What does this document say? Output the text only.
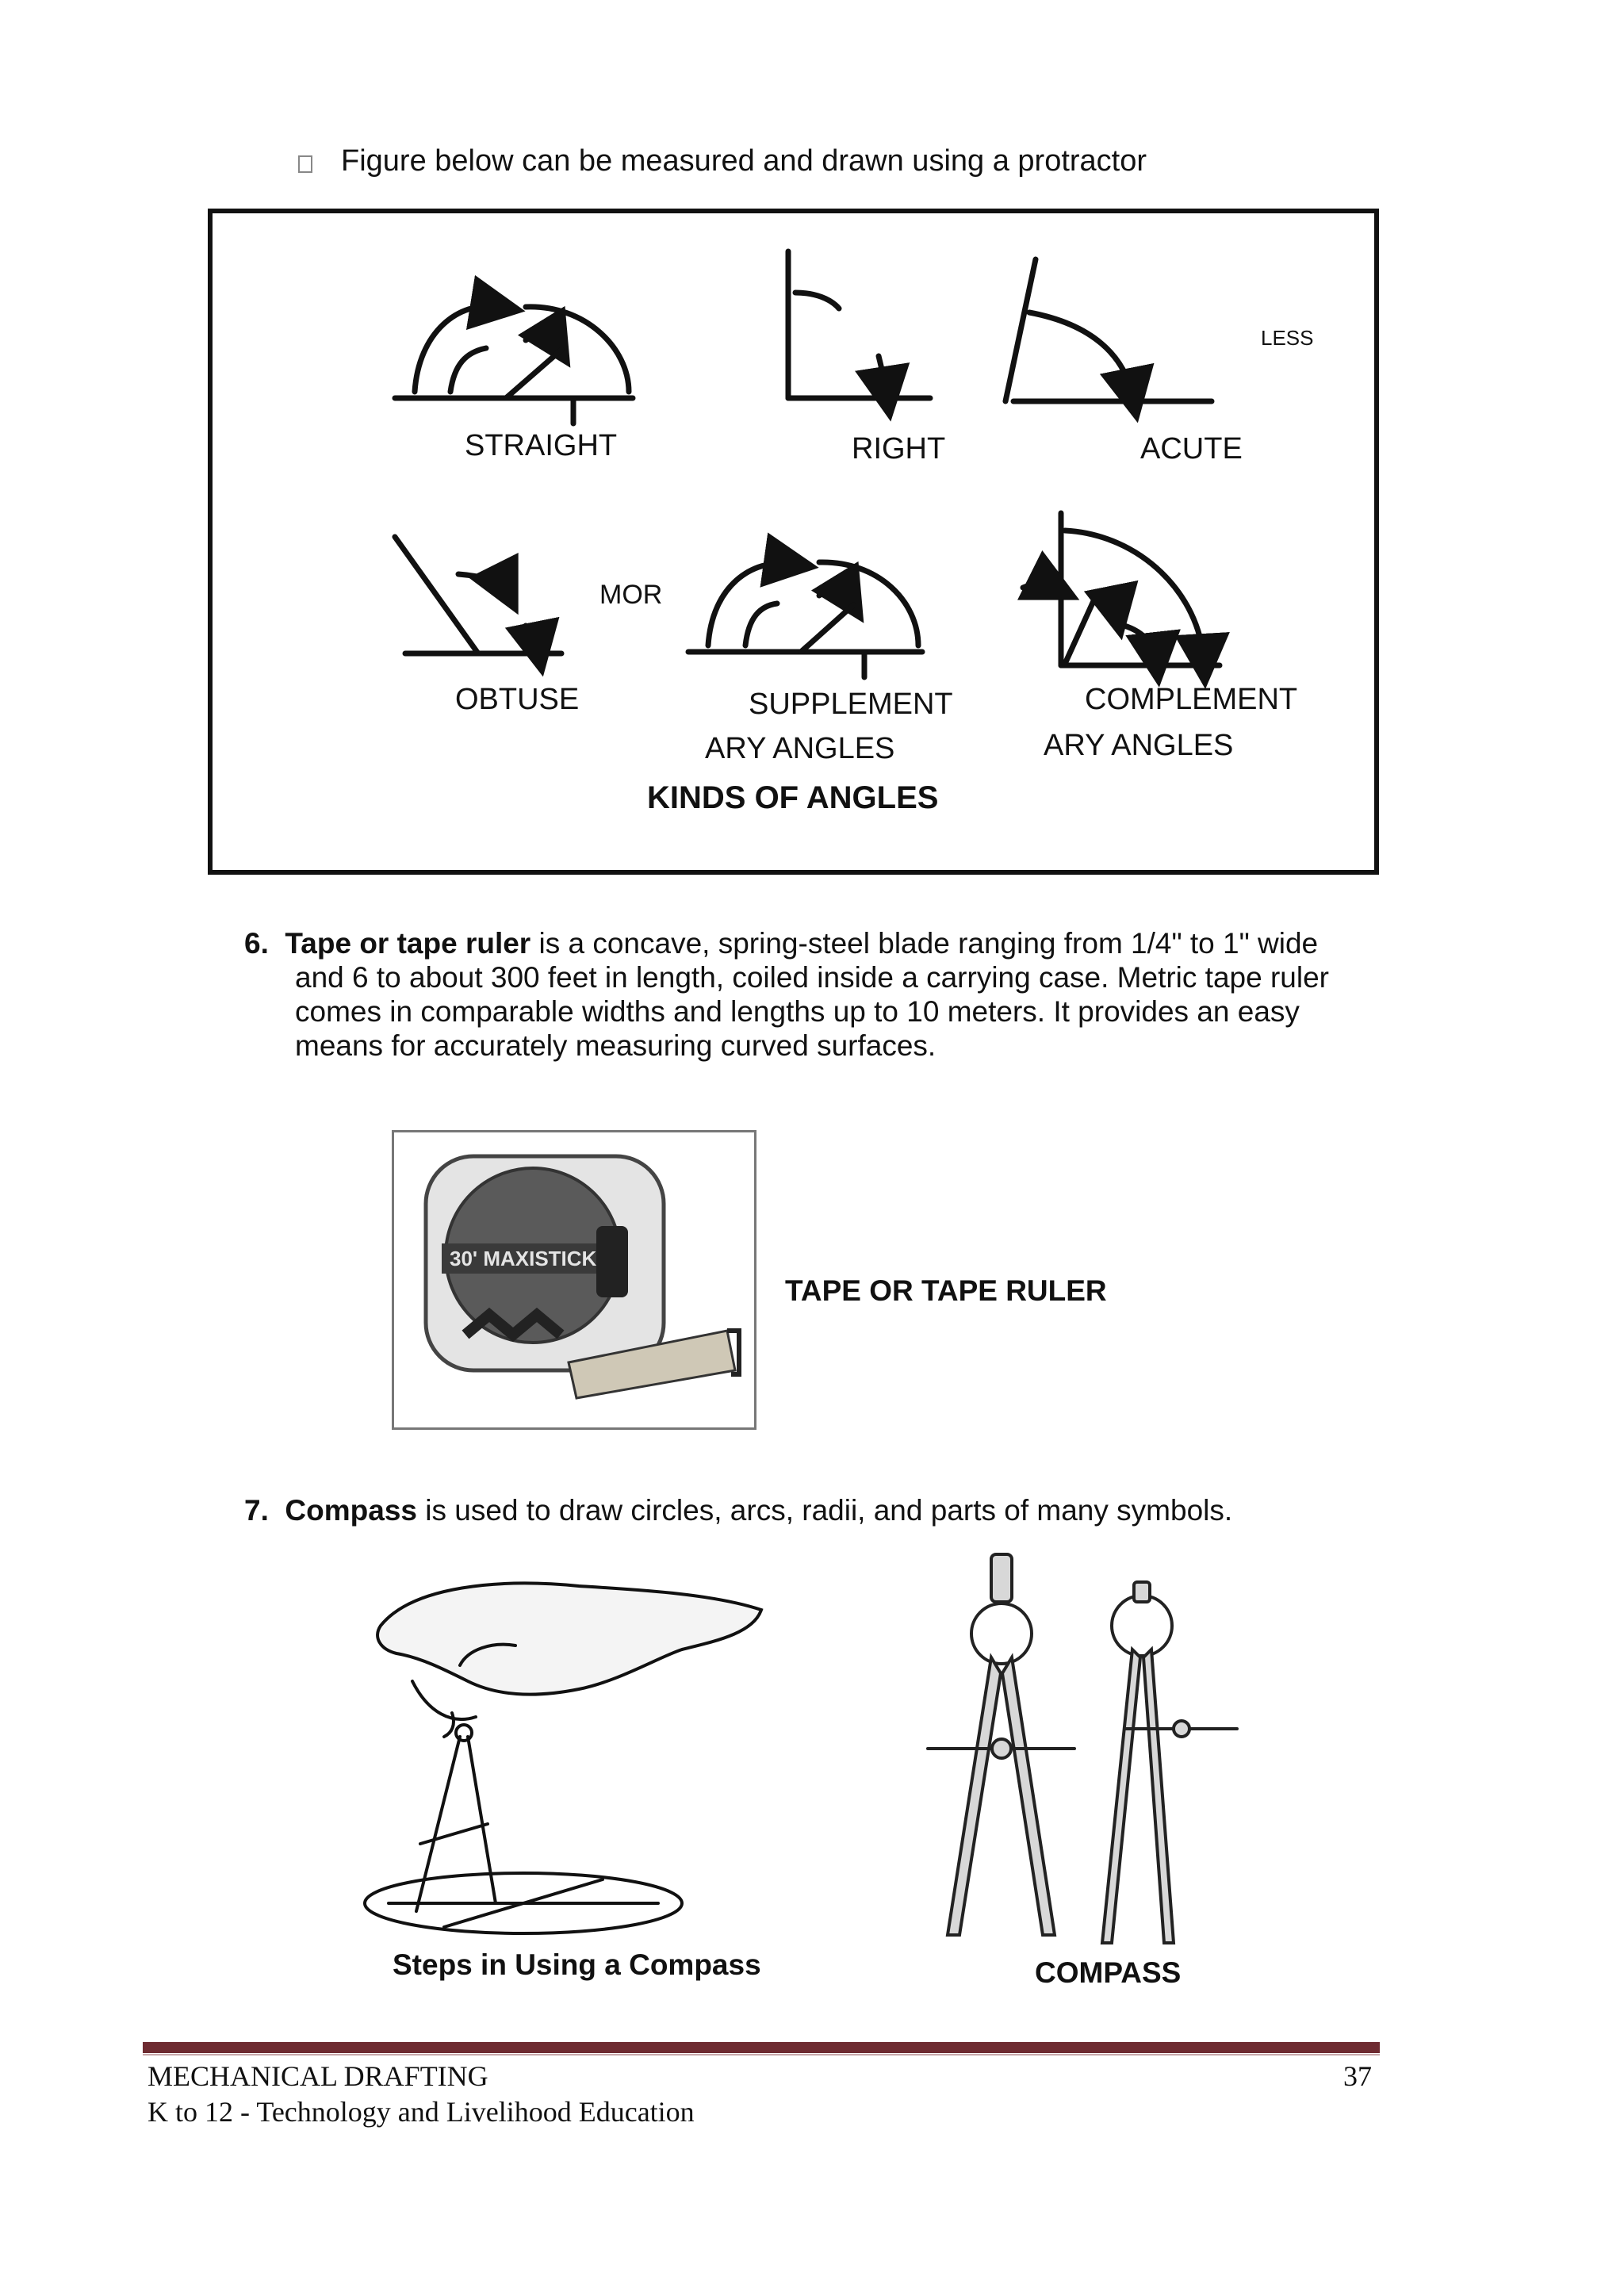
Figure below can be measured and drawn using a protractor
STRAIGHT	RIGHT	ACUTE
LESS
MOR
OBTUSE	SUPPLEMENT
ARY ANGLES
COMPLEMENT
ARY ANGLES
KINDS OF ANGLES
6. Tape or tape ruler is a concave, spring-steel blade ranging from 1/4" to 1" wide
and 6 to about 300 feet in length, coiled inside a carrying case. Metric tape ruler
comes in comparable widths and lengths up to 10 meters. It provides an easy
means for accurately measuring curved surfaces.
30' MAXISTICK
TAPE OR TAPE RULER
7. Compass is used to draw circles, arcs, radii, and parts of many symbols.
Steps in Using a Compass	COMPASS
MECHANICAL DRAFTING
K to 12 - Technology and Livelihood Education
37
